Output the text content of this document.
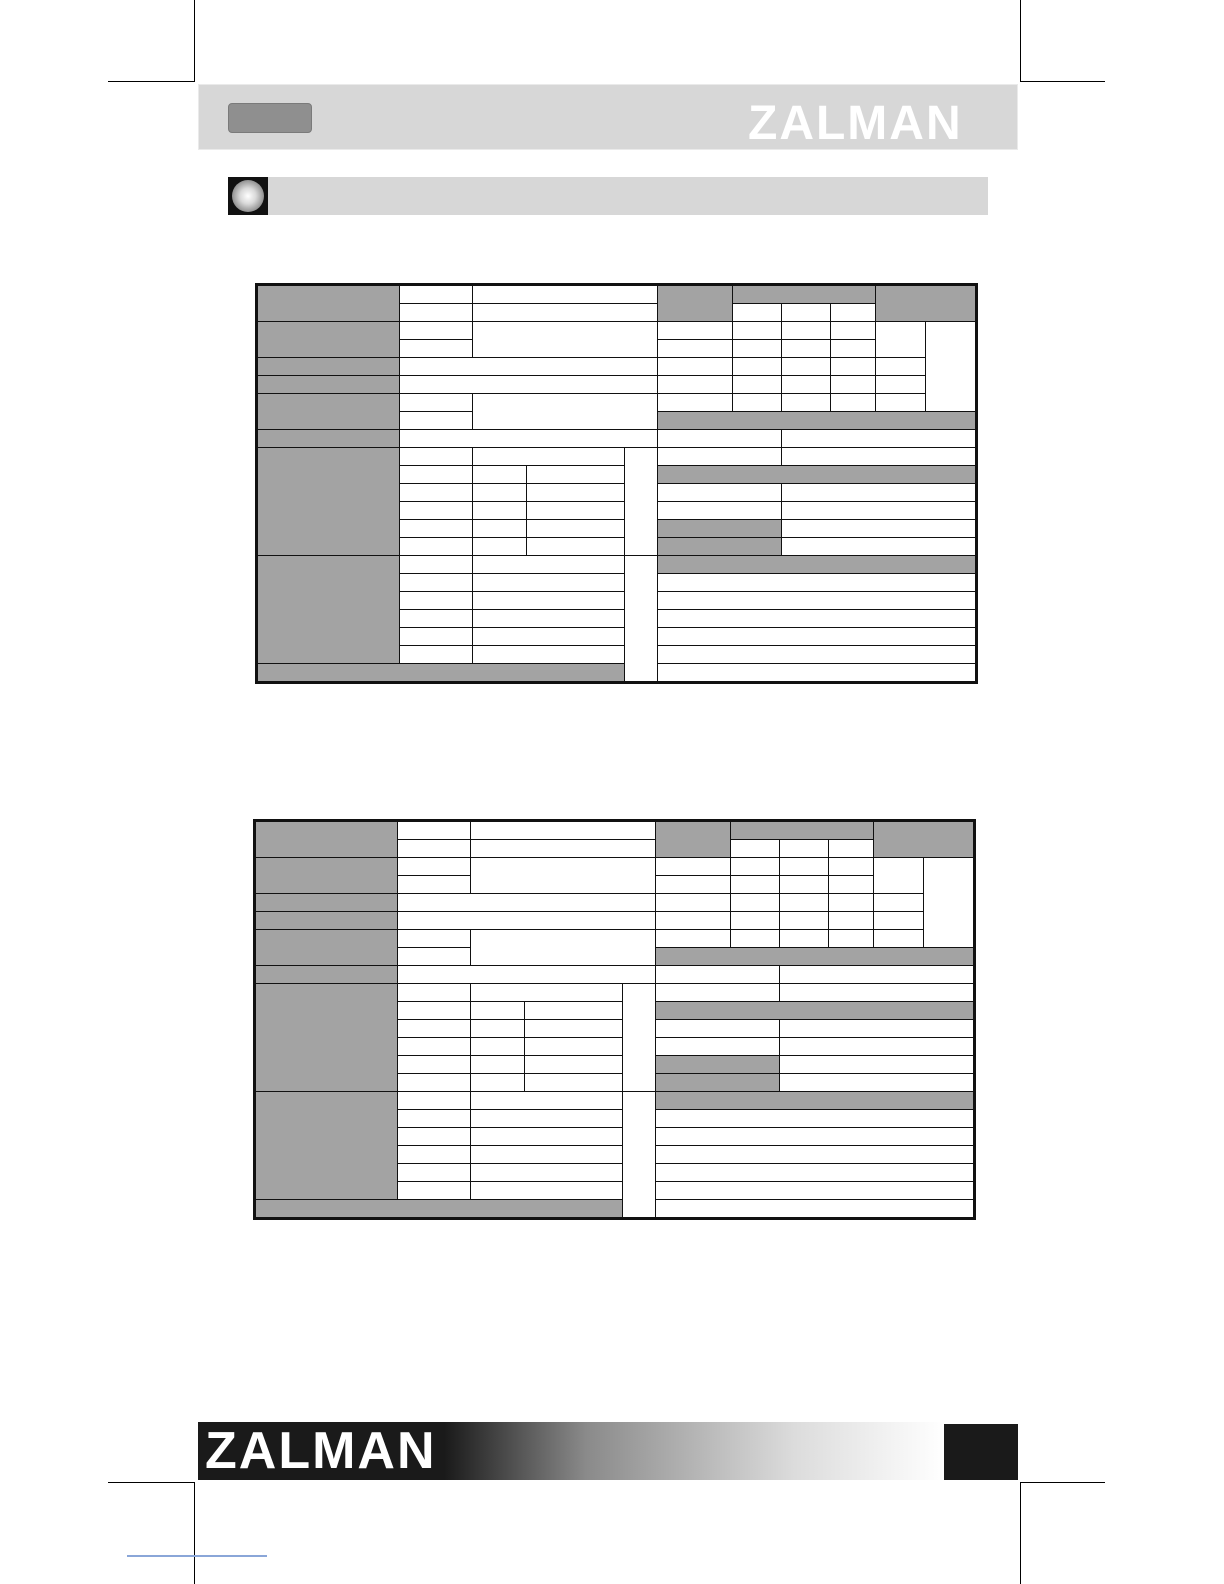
ZALMAN

ZALMAN
